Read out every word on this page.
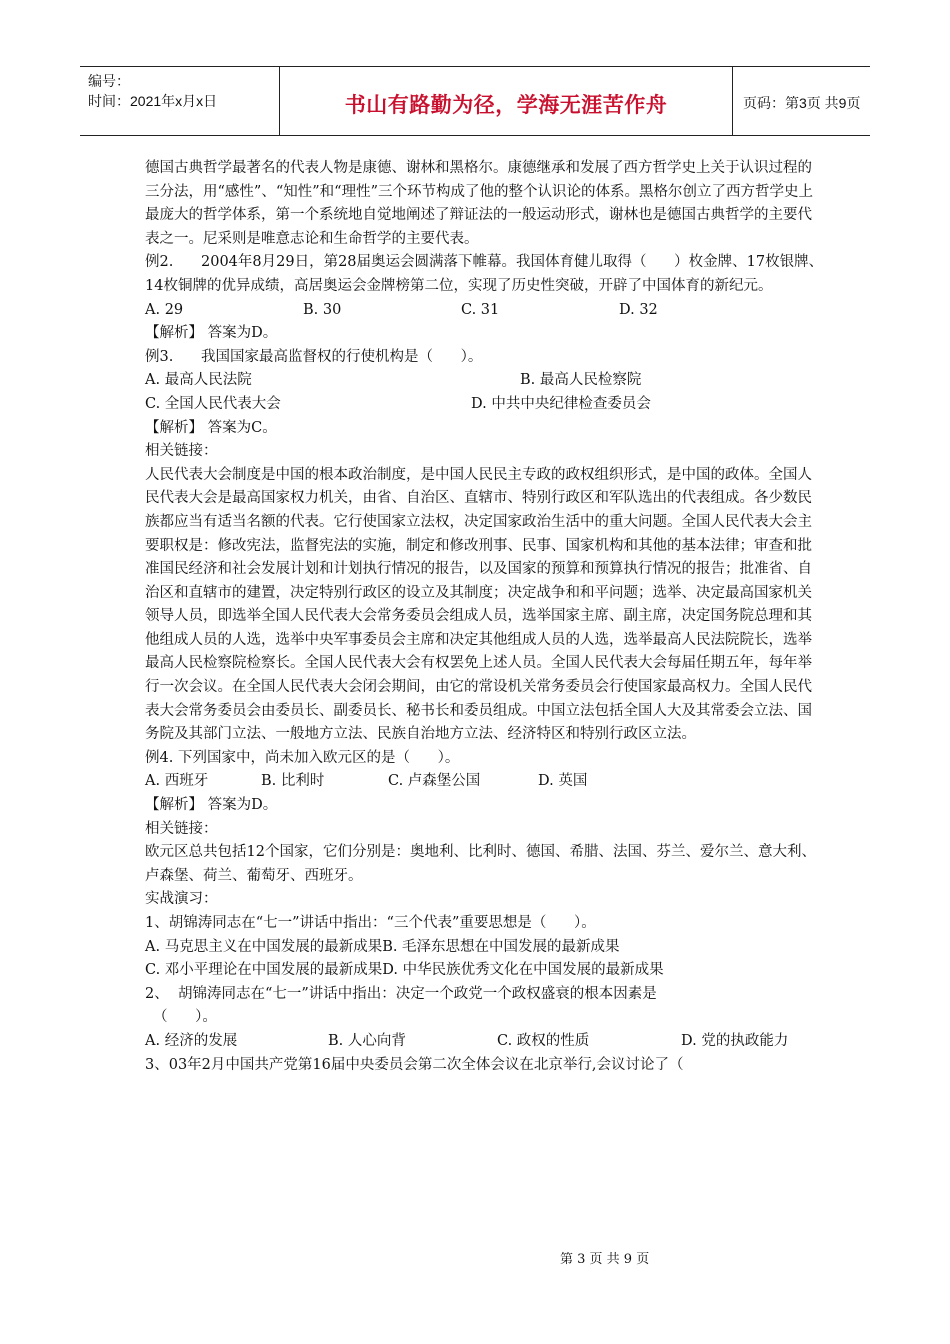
编号：
时间：2021年x月x日	书山有路勤为径，学海无涯苦作舟	页码：第3页 共9页

德国古典哲学最著名的代表人物是康德、谢林和黑格尔。康德继承和发展了西方哲学史上关于认识过程的三分法，用“感性”、“知性”和“理性”三个环节构成了他的整个认识论的体系。黑格尔创立了西方哲学史上最庞大的哲学体系，第一个系统地自觉地阐述了辩证法的一般运动形式，谢林也是德国古典哲学的主要代表之一。尼采则是唯意志论和生命哲学的主要代表。

例2.      2004年8月29日，第28届奥运会圆满落下帷幕。我国体育健儿取得（      ）枚金牌、17枚银牌、14枚铜牌的优异成绩，高居奥运会金牌榜第二位，实现了历史性突破，开辟了中国体育的新纪元。

A. 29	B. 30	C. 31	D. 32

【解析】 答案为D。

例3.      我国国家最高监督权的行使机构是（      ）。

A. 最高人民法院	B. 最高人民检察院
C. 全国人民代表大会	D. 中共中央纪律检查委员会

【解析】 答案为C。

相关链接：

人民代表大会制度是中国的根本政治制度，是中国人民民主专政的政权组织形式，是中国的政体。全国人民代表大会是最高国家权力机关，由省、自治区、直辖市、特别行政区和军队选出的代表组成。各少数民族都应当有适当名额的代表。它行使国家立法权，决定国家政治生活中的重大问题。全国人民代表大会主要职权是：修改宪法，监督宪法的实施，制定和修改刑事、民事、国家机构和其他的基本法律；审查和批准国民经济和社会发展计划和计划执行情况的报告，以及国家的预算和预算执行情况的报告；批准省、自治区和直辖市的建置，决定特别行政区的设立及其制度；决定战争和和平问题；选举、决定最高国家机关领导人员，即选举全国人民代表大会常务委员会组成人员，选举国家主席、副主席，决定国务院总理和其他组成人员的人选，选举中央军事委员会主席和决定其他组成人员的人选，选举最高人民法院院长，选举最高人民检察院检察长。全国人民代表大会有权罢免上述人员。全国人民代表大会每届任期五年，每年举行一次会议。在全国人民代表大会闭会期间，由它的常设机关常务委员会行使国家最高权力。全国人民代表大会常务委员会由委员长、副委员长、秘书长和委员组成。中国立法包括全国人大及其常委会立法、国务院及其部门立法、一般地方立法、民族自治地方立法、经济特区和特别行政区立法。

例4. 下列国家中，尚未加入欧元区的是（      ）。

A. 西班牙	B. 比利时	C. 卢森堡公国	D. 英国

【解析】 答案为D。

相关链接：

欧元区总共包括12个国家，它们分别是：奥地利、比利时、德国、希腊、法国、芬兰、爱尔兰、意大利、卢森堡、荷兰、葡萄牙、西班牙。

实战演习：

1、胡锦涛同志在“七一”讲话中指出：“三个代表”重要思想是（      ）。

A. 马克思主义在中国发展的最新成果B. 毛泽东思想在中国发展的最新成果

C. 邓小平理论在中国发展的最新成果D. 中华民族优秀文化在中国发展的最新成果

2、  胡锦涛同志在“七一”讲话中指出：决定一个政党一个政权盛衰的根本因素是

（      ）。

A. 经济的发展	B. 人心向背	C. 政权的性质	D. 党的执政能力

3、03年2月中国共产党第16届中央委员会第二次全体会议在北京举行,会议讨论了（

第 3 页 共 9 页
